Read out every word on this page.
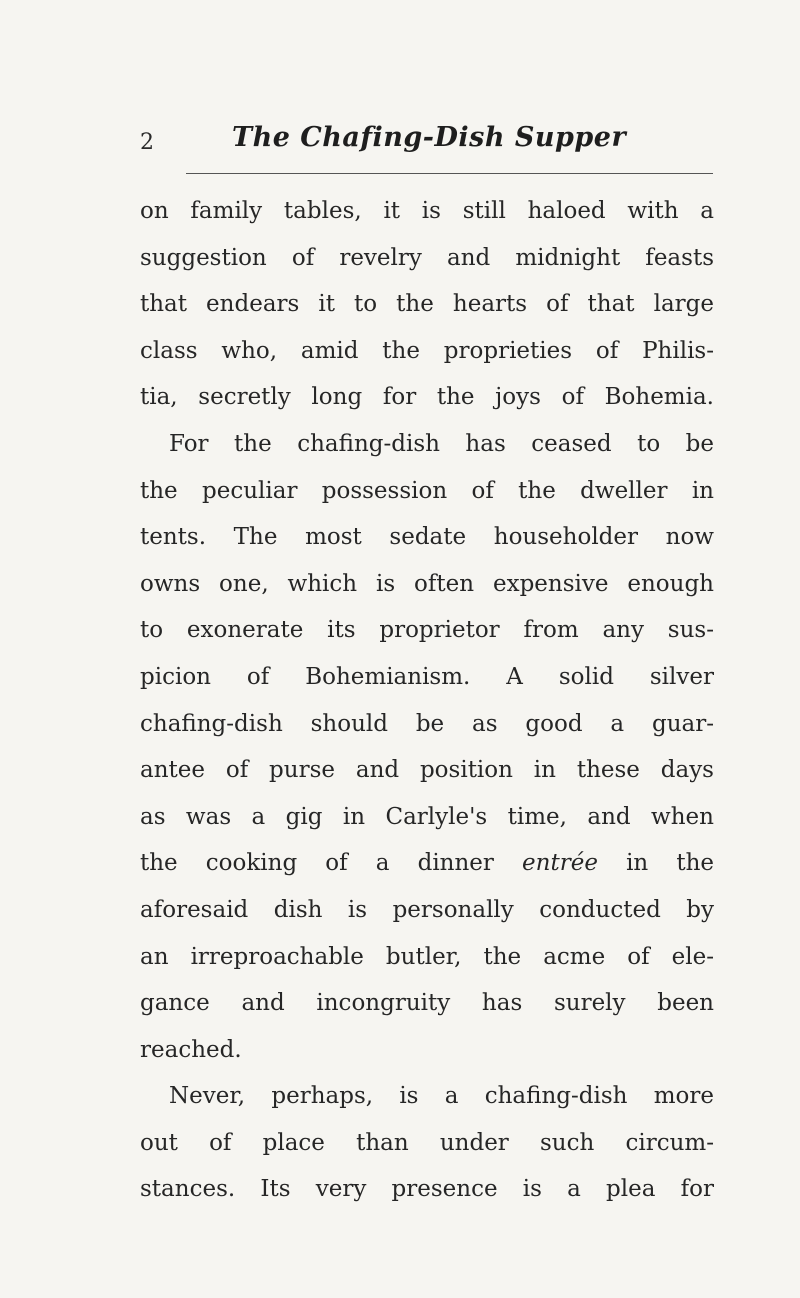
2	The Chafing-Dish Supper
on family tables, it is still haloed with a
suggestion of revelry and midnight feasts
that endears it to the hearts of that large
class who, amid the proprieties of Philis-
tia, secretly long for the joys of Bohemia.
For the chafing-dish has ceased to be
the peculiar possession of the dweller in
tents. The most sedate householder now
owns one, which is often expensive enough
to exonerate its proprietor from any sus-
picion of Bohemianism. A solid silver
chafing-dish should be as good a guar-
antee of purse and position in these days
as was a gig in Carlyle's time, and when
the cooking of a dinner entrée in the
aforesaid dish is personally conducted by
an irreproachable butler, the acme of ele-
gance and incongruity has surely been
reached.
Never, perhaps, is a chafing-dish more
out of place than under such circum-
stances. Its very presence is a plea for
